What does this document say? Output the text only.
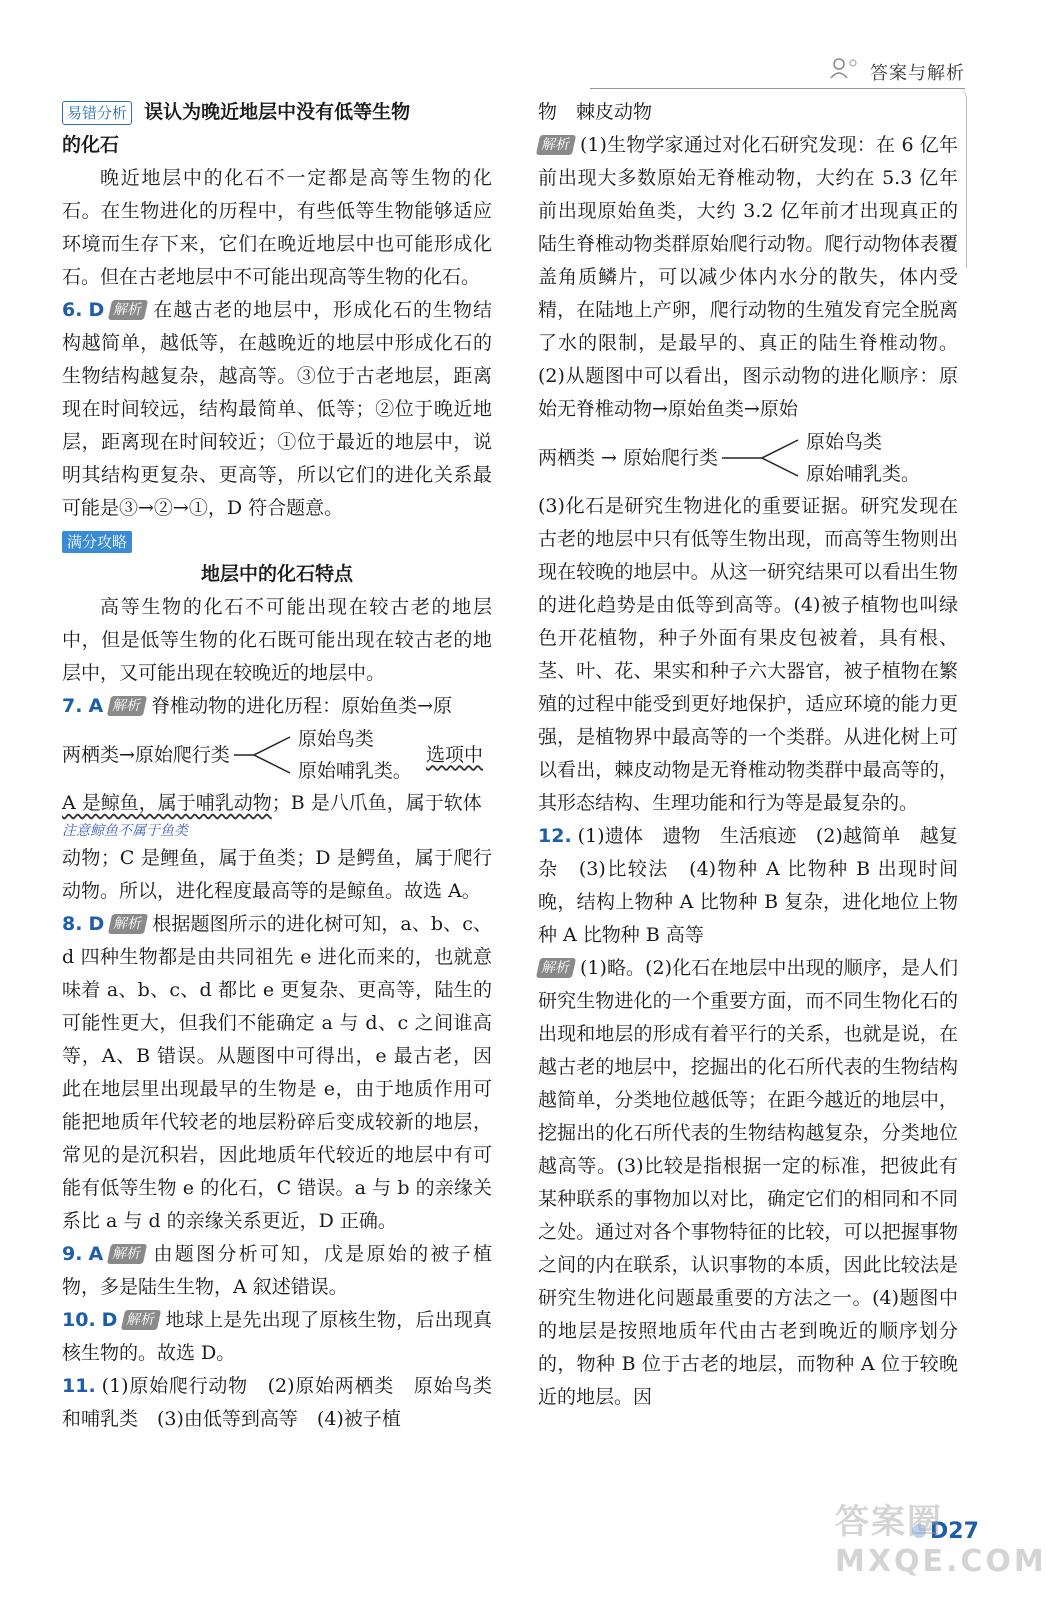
答案与解析

易错分析 误认为晚近地层中没有低等生物

的化石

晚近地层中的化石不一定都是高等生物的化石。在生物进化的历程中，有些低等生物能够适应环境而生存下来，它们在晚近地层中也可能形成化石。但在古老地层中不可能出现高等生物的化石。

6. D 解析 在越古老的地层中，形成化石的生物结构越简单，越低等，在越晚近的地层中形成化石的生物结构越复杂，越高等。③位于古老地层，距离现在时间较远，结构最简单、低等；②位于晚近地层，距离现在时间较近；①位于最近的地层中，说明其结构更复杂、更高等，所以它们的进化关系最可能是③→②→①，D 符合题意。

满分攻略

地层中的化石特点

高等生物的化石不可能出现在较古老的地层中，但是低等生物的化石既可能出现在较古老的地层中，又可能出现在较晚近的地层中。

7. A 解析 脊椎动物的进化历程：原始鱼类→原

两栖类→原始爬行类
原始鸟类
原始哺乳类。
选项中

A 是鲸鱼，属于哺乳动物；B 是八爪鱼，属于软体

注意鲸鱼不属于鱼类

动物；C 是鲤鱼，属于鱼类；D 是鳄鱼，属于爬行动物。所以，进化程度最高等的是鲸鱼。故选 A。

8. D 解析 根据题图所示的进化树可知，a、b、c、d 四种生物都是由共同祖先 e 进化而来的，也就意味着 a、b、c、d 都比 e 更复杂、更高等，陆生的可能性更大，但我们不能确定 a 与 d、c 之间谁高等，A、B 错误。从题图中可得出，e 最古老，因此在地层里出现最早的生物是 e，由于地质作用可能把地质年代较老的地层粉碎后变成较新的地层，常见的是沉积岩，因此地质年代较近的地层中有可能有低等生物 e 的化石，C 错误。a 与 b 的亲缘关系比 a 与 d 的亲缘关系更近，D 正确。

9. A 解析 由题图分析可知，戊是原始的被子植物，多是陆生生物，A 叙述错误。

10. D 解析 地球上是先出现了原核生物，后出现真核生物的。故选 D。

11. (1)原始爬行动物　(2)原始两栖类　原始鸟类和哺乳类　(3)由低等到高等　(4)被子植

物　棘皮动物

解析 (1)生物学家通过对化石研究发现：在 6 亿年前出现大多数原始无脊椎动物，大约在 5.3 亿年前出现原始鱼类，大约 3.2 亿年前才出现真正的陆生脊椎动物类群原始爬行动物。爬行动物体表覆盖角质鳞片，可以减少体内水分的散失，体内受精，在陆地上产卵，爬行动物的生殖发育完全脱离了水的限制，是最早的、真正的陆生脊椎动物。(2)从题图中可以看出，图示动物的进化顺序：原始无脊椎动物→原始鱼类→原始

两栖类 → 原始爬行类
原始鸟类
原始哺乳类。

(3)化石是研究生物进化的重要证据。研究发现在古老的地层中只有低等生物出现，而高等生物则出现在较晚的地层中。从这一研究结果可以看出生物的进化趋势是由低等到高等。(4)被子植物也叫绿色开花植物，种子外面有果皮包被着，具有根、茎、叶、花、果实和种子六大器官，被子植物在繁殖的过程中能受到更好地保护，适应环境的能力更强，是植物界中最高等的一个类群。从进化树上可以看出，棘皮动物是无脊椎动物类群中最高等的，其形态结构、生理功能和行为等是最复杂的。

12. (1)遗体　遗物　生活痕迹　(2)越简单　越复杂　(3)比较法　(4)物种 A 比物种 B 出现时间晚，结构上物种 A 比物种 B 复杂，进化地位上物种 A 比物种 B 高等

解析 (1)略。(2)化石在地层中出现的顺序，是人们研究生物进化的一个重要方面，而不同生物化石的出现和地层的形成有着平行的关系，也就是说，在越古老的地层中，挖掘出的化石所代表的生物结构越简单，分类地位越低等；在距今越近的地层中，挖掘出的化石所代表的生物结构越复杂，分类地位越高等。(3)比较是指根据一定的标准，把彼此有某种联系的事物加以对比，确定它们的相同和不同之处。通过对各个事物特征的比较，可以把握事物之间的内在联系，认识事物的本质，因此比较法是研究生物进化问题最重要的方法之一。(4)题图中的地层是按照地质年代由古老到晚近的顺序划分的，物种 B 位于古老的地层，而物种 A 位于较晚近的地层。因

D27
答案圈
MXQE.COM
